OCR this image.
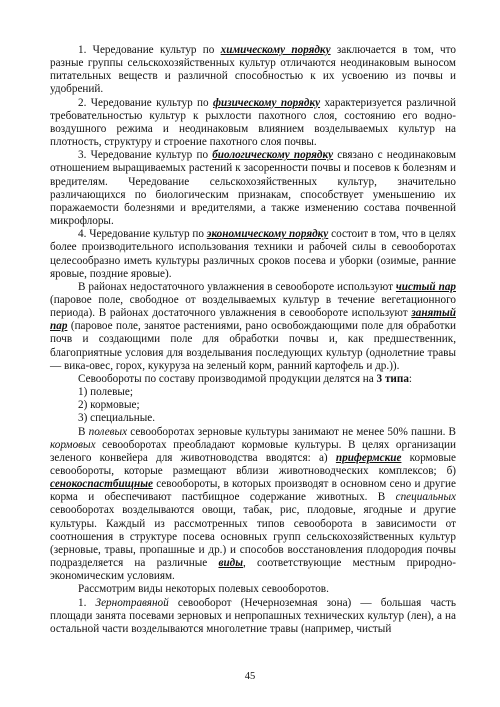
1. Чередование культур по химическому порядку заключается в том, что разные группы сельскохозяйственных культур отличаются неодинаковым выносом питательных веществ и различной способностью к их усвоению из почвы и удобрений.

2. Чередование культур по физическому порядку характеризуется различной требовательностью культур к рыхлости пахотного слоя, состоянию его водно-воздушного режима и неодинаковым влиянием возделываемых культур на плотность, структуру и строение пахотного слоя почвы.

3. Чередование культур по биологическому порядку связано с неодинаковым отношением выращиваемых растений к засоренности почвы и посевов к болезням и вредителям. Чередование сельскохозяйственных культур, значительно различающихся по биологическим признакам, способствует уменьшению их поражаемости болезнями и вредителями, а также изменению состава почвенной микрофлоры.

4. Чередование культур по экономическому порядку состоит в том, что в целях более производительного использования техники и рабочей силы в севооборотах целесообразно иметь культуры различных сроков посева и уборки (озимые, ранние яровые, поздние яровые).

В районах недостаточного увлажнения в севообороте используют чистый пар (паровое поле, свободное от возделываемых культур в течение вегетационного периода). В районах достаточного увлажнения в севообороте используют занятый пар (паровое поле, занятое растениями, рано освобождающими поле для обработки почв и создающими поле для обработки почвы и, как предшественник, благоприятные условия для возделывания последующих культур (однолетние травы — вика-овес, горох, кукуруза на зеленый корм, ранний картофель и др.)).

Севообороты по составу производимой продукции делятся на 3 типа:

1) полевые;

2) кормовые;

3) специальные.

В полевых севооборотах зерновые культуры занимают не менее 50% пашни. В кормовых севооборотах преобладают кормовые культуры. В целях организации зеленого конвейера для животноводства вводятся: а) прифермские кормовые севообороты, которые размещают вблизи животноводческих комплексов; б) сенокоспастбищные севообороты, в которых производят в основном сено и другие корма и обеспечивают пастбищное содержание животных. В специальных севооборотах возделываются овощи, табак, рис, плодовые, ягодные и другие культуры. Каждый из рассмотренных типов севооборота в зависимости от соотношения в структуре посева основных групп сельскохозяйственных культур (зерновые, травы, пропашные и др.) и способов восстановления плодородия почвы подразделяется на различные виды, соответствующие местным природно-экономическим условиям.

Рассмотрим виды некоторых полевых севооборотов.

1. Зернотравяной севооборот (Нечерноземная зона) — большая часть площади занята посевами зерновых и непропашных технических культур (лен), а на остальной части возделываются многолетние травы (например, чистый

45
